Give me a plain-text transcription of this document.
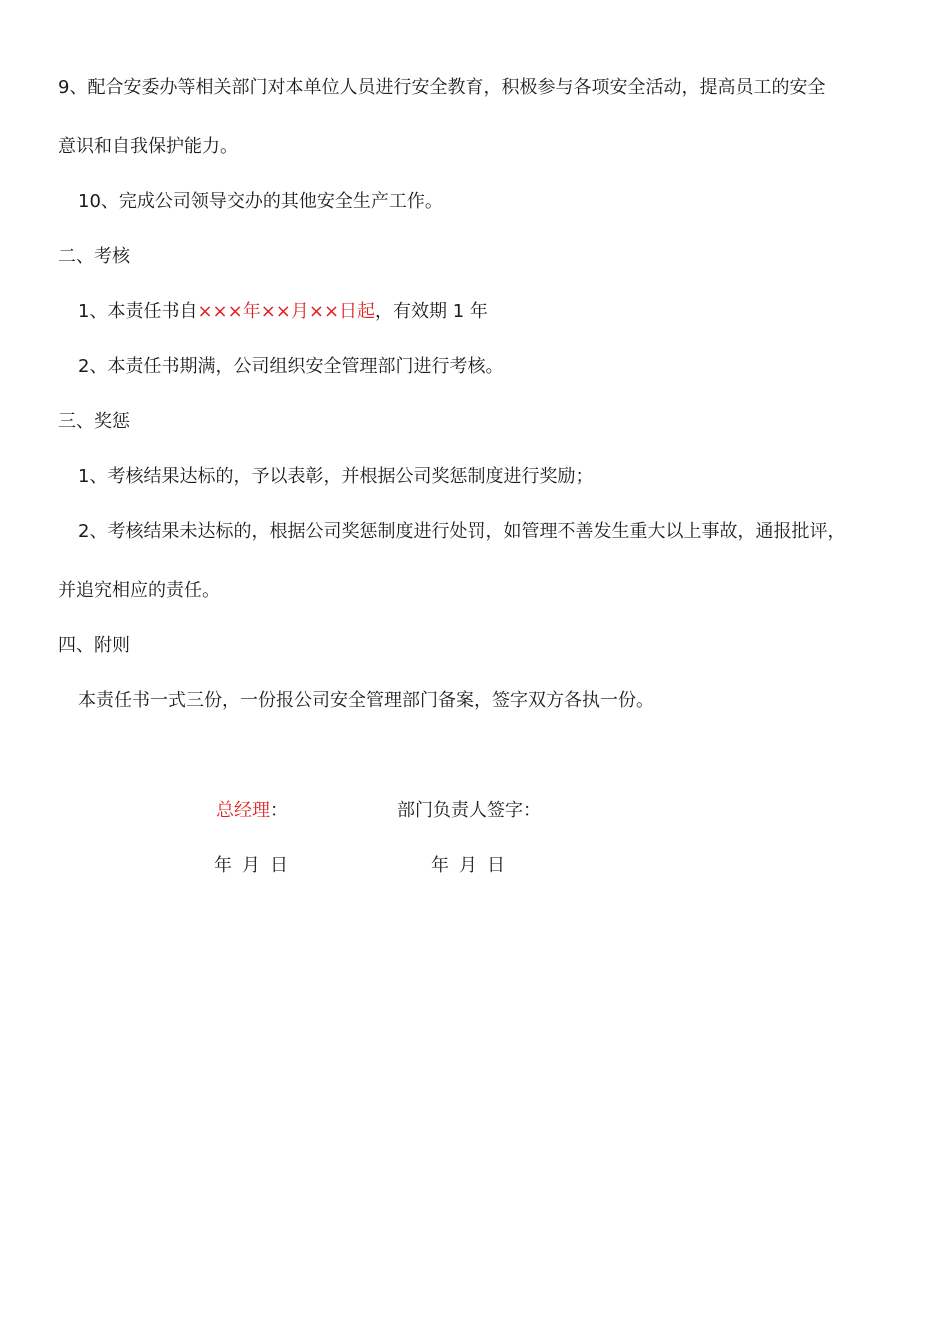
9、配合安委办等相关部门对本单位人员进行安全教育，积极参与各项安全活动，提高员工的安全
意识和自我保护能力。
10、完成公司领导交办的其他安全生产工作。
二、考核
1、本责任书自×××年××月××日起，有效期 1 年
2、本责任书期满，公司组织安全管理部门进行考核。
三、奖惩
1、考核结果达标的，予以表彰，并根据公司奖惩制度进行奖励；
2、考核结果未达标的，根据公司奖惩制度进行处罚，如管理不善发生重大以上事故，通报批评，
并追究相应的责任。
四、附则
本责任书一式三份，一份报公司安全管理部门备案，签字双方各执一份。
总经理：	部门负责人签字：
年 月 日	年 月 日
